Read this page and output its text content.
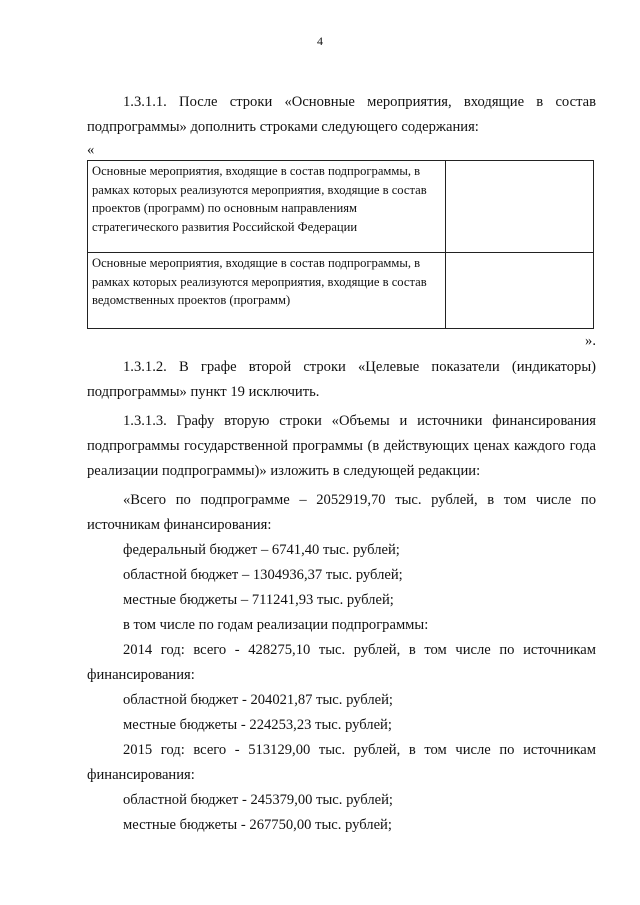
4

1.3.1.1. После строки «Основные мероприятия, входящие в состав подпрограммы» дополнить строками следующего содержания:

«

Основные мероприятия, входящие в состав подпрограммы, в рамках которых реализуются мероприятия, входящие в состав проектов (программ) по основным направлениям стратегического развития Российской Федерации	
Основные мероприятия, входящие в состав подпрограммы, в рамках которых реализуются мероприятия, входящие в состав ведомственных проектов (программ)	

».

1.3.1.2. В графе второй строки «Целевые показатели (индикаторы) подпрограммы» пункт 19 исключить.

1.3.1.3. Графу вторую строки «Объемы и источники финансирования подпрограммы государственной программы (в действующих ценах каждого года реализации подпрограммы)» изложить в следующей редакции:

«Всего по подпрограмме – 2052919,70 тыс. рублей, в том числе по источникам финансирования:

федеральный бюджет – 6741,40 тыс. рублей;

областной бюджет – 1304936,37 тыс. рублей;

местные бюджеты – 711241,93 тыс. рублей;

в том числе по годам реализации подпрограммы:

2014 год: всего - 428275,10 тыс. рублей, в том числе по источникам финансирования:

областной бюджет - 204021,87 тыс. рублей;

местные бюджеты - 224253,23 тыс. рублей;

2015 год: всего - 513129,00 тыс. рублей, в том числе по источникам финансирования:

областной бюджет - 245379,00 тыс. рублей;

местные бюджеты - 267750,00 тыс. рублей;
